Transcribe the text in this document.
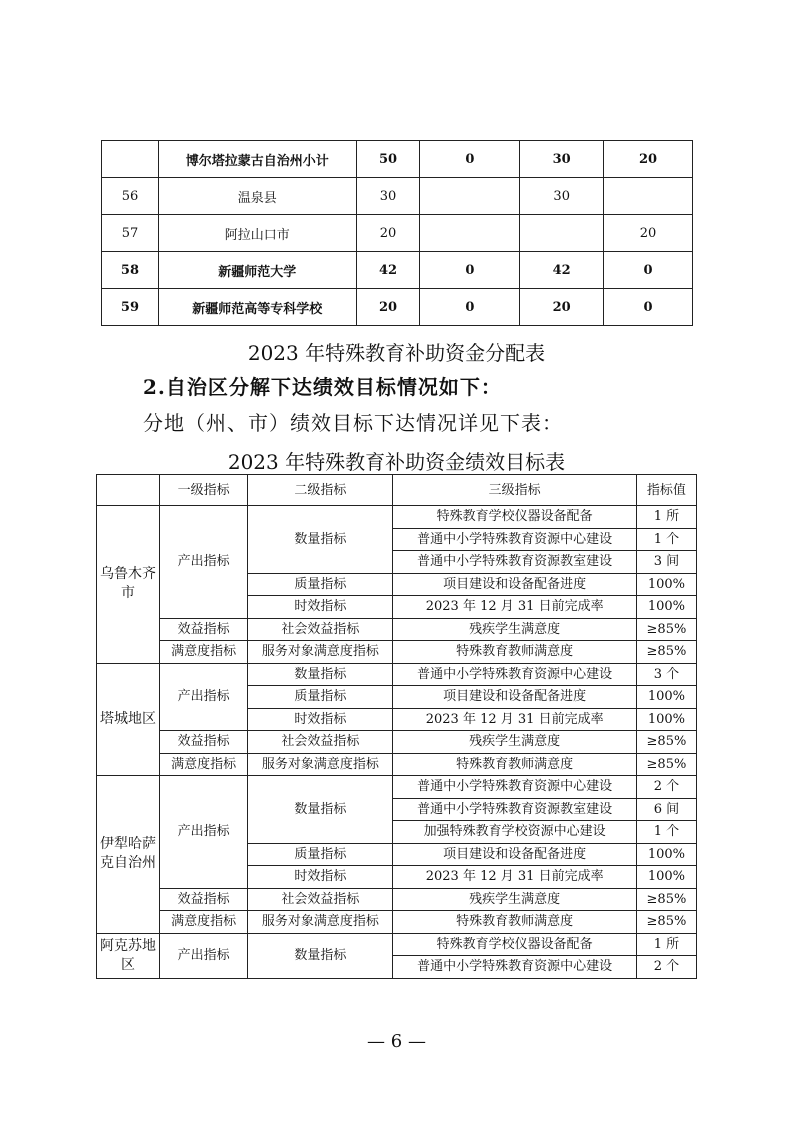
	博尔塔拉蒙古自治州小计	50	0	30	20
56	温泉县	30		30	
57	阿拉山口市	20			20
58	新疆师范大学	42	0	42	0
59	新疆师范高等专科学校	20	0	20	0
2023 年特殊教育补助资金分配表
2.自治区分解下达绩效目标情况如下：
分地（州、市）绩效目标下达情况详见下表：
2023 年特殊教育补助资金绩效目标表
	一级指标	二级指标	三级指标	指标值
乌鲁木齐市	产出指标	数量指标	特殊教育学校仪器设备配备	1 所
			普通中小学特殊教育资源中心建设	1 个
			普通中小学特殊教育资源教室建设	3 间
		质量指标	项目建设和设备配备进度	100%
		时效指标	2023 年 12 月 31 日前完成率	100%
	效益指标	社会效益指标	残疾学生满意度	≥85%
	满意度指标	服务对象满意度指标	特殊教育教师满意度	≥85%
塔城地区	产出指标	数量指标	普通中小学特殊教育资源中心建设	3 个
		质量指标	项目建设和设备配备进度	100%
		时效指标	2023 年 12 月 31 日前完成率	100%
	效益指标	社会效益指标	残疾学生满意度	≥85%
	满意度指标	服务对象满意度指标	特殊教育教师满意度	≥85%
伊犁哈萨克自治州	产出指标	数量指标	普通中小学特殊教育资源中心建设	2 个
			普通中小学特殊教育资源教室建设	6 间
			加强特殊教育学校资源中心建设	1 个
		质量指标	项目建设和设备配备进度	100%
		时效指标	2023 年 12 月 31 日前完成率	100%
	效益指标	社会效益指标	残疾学生满意度	≥85%
	满意度指标	服务对象满意度指标	特殊教育教师满意度	≥85%
阿克苏地区	产出指标	数量指标	特殊教育学校仪器设备配备	1 所
			普通中小学特殊教育资源中心建设	2 个
— 6 —
